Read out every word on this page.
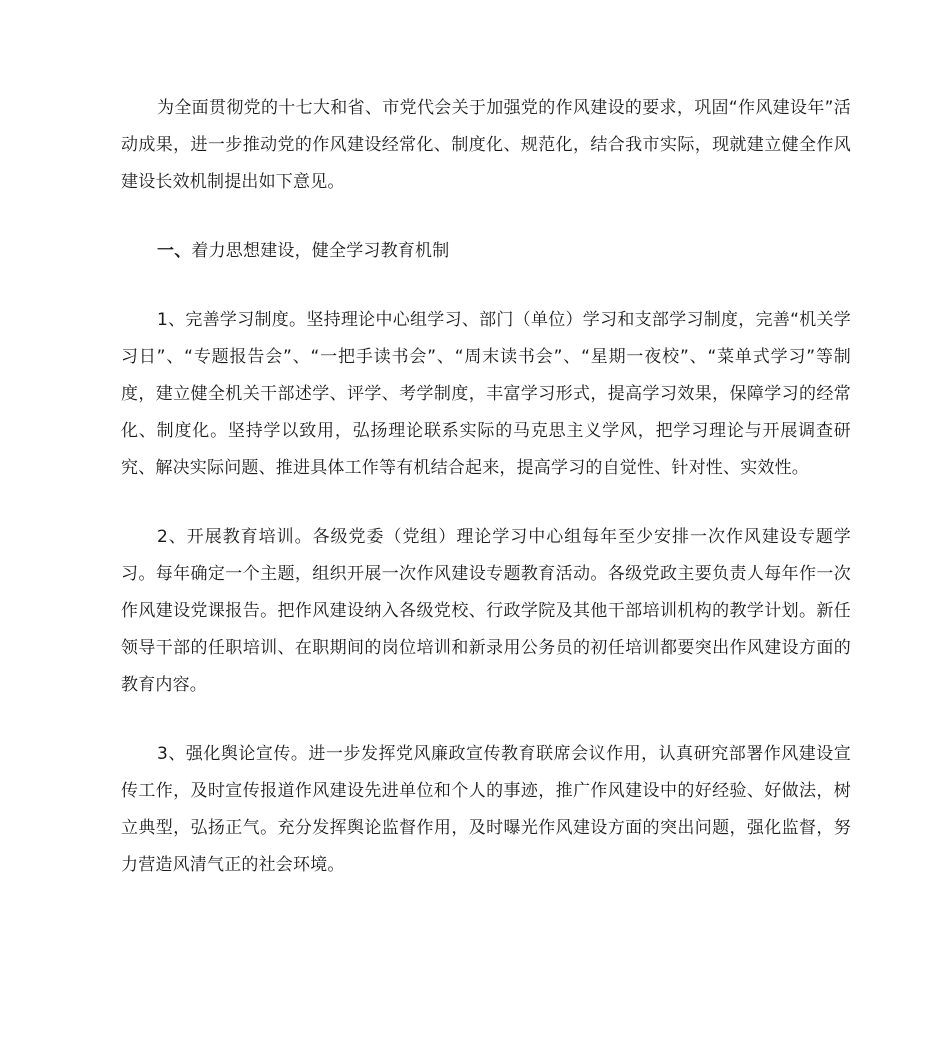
为全面贯彻党的十七大和省、市党代会关于加强党的作风建设的要求，巩固“作风建设年”活动成果，进一步推动党的作风建设经常化、制度化、规范化，结合我市实际，现就建立健全作风建设长效机制提出如下意见。

一、着力思想建设，健全学习教育机制

1、完善学习制度。坚持理论中心组学习、部门（单位）学习和支部学习制度，完善“机关学习日”、“专题报告会”、“一把手读书会”、“周末读书会”、“星期一夜校”、“菜单式学习”等制度，建立健全机关干部述学、评学、考学制度，丰富学习形式，提高学习效果，保障学习的经常化、制度化。坚持学以致用，弘扬理论联系实际的马克思主义学风，把学习理论与开展调查研究、解决实际问题、推进具体工作等有机结合起来，提高学习的自觉性、针对性、实效性。

2、开展教育培训。各级党委（党组）理论学习中心组每年至少安排一次作风建设专题学习。每年确定一个主题，组织开展一次作风建设专题教育活动。各级党政主要负责人每年作一次作风建设党课报告。把作风建设纳入各级党校、行政学院及其他干部培训机构的教学计划。新任领导干部的任职培训、在职期间的岗位培训和新录用公务员的初任培训都要突出作风建设方面的教育内容。

3、强化舆论宣传。进一步发挥党风廉政宣传教育联席会议作用，认真研究部署作风建设宣传工作，及时宣传报道作风建设先进单位和个人的事迹，推广作风建设中的好经验、好做法，树立典型，弘扬正气。充分发挥舆论监督作用，及时曝光作风建设方面的突出问题，强化监督，努力营造风清气正的社会环境。
